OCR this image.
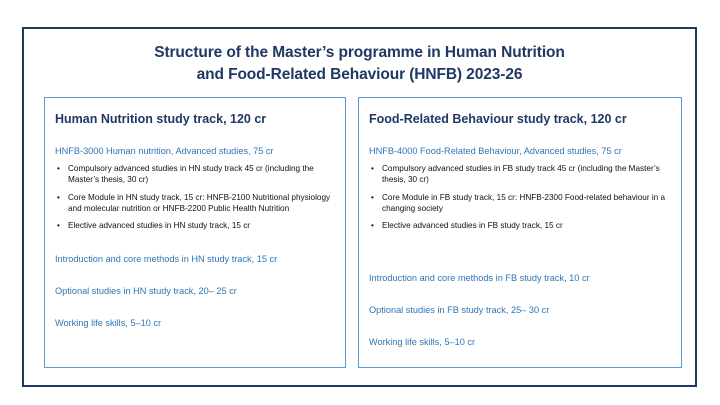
Structure of the Master’s programme in Human Nutrition
and Food-Related Behaviour (HNFB) 2023-26
Human Nutrition study track, 120 cr
HNFB-3000 Human nutrition, Advanced studies, 75 cr
• Compulsory advanced studies in HN study track 45 cr (including the Master’s thesis, 30 cr)
• Core Module in HN study track, 15 cr: HNFB-2100 Nutritional physiology and molecular nutrition or HNFB-2200 Public Health Nutrition
• Elective advanced studies in HN study track, 15 cr
Introduction and core methods in HN study track, 15 cr
Optional studies in HN study track, 20– 25 cr
Working life skills, 5–10 cr
Food-Related Behaviour study track, 120 cr
HNFB-4000 Food-Related Behaviour, Advanced studies, 75 cr
• Compulsory advanced studies in FB study track 45 cr (including the Master’s thesis, 30 cr)
• Core Module in FB study track, 15 cr: HNFB-2300 Food-related behaviour in a changing society
• Elective advanced studies in FB study track, 15 cr
Introduction and core methods in FB study track, 10 cr
Optional studies in FB study track, 25– 30 cr
Working life skills, 5–10 cr
